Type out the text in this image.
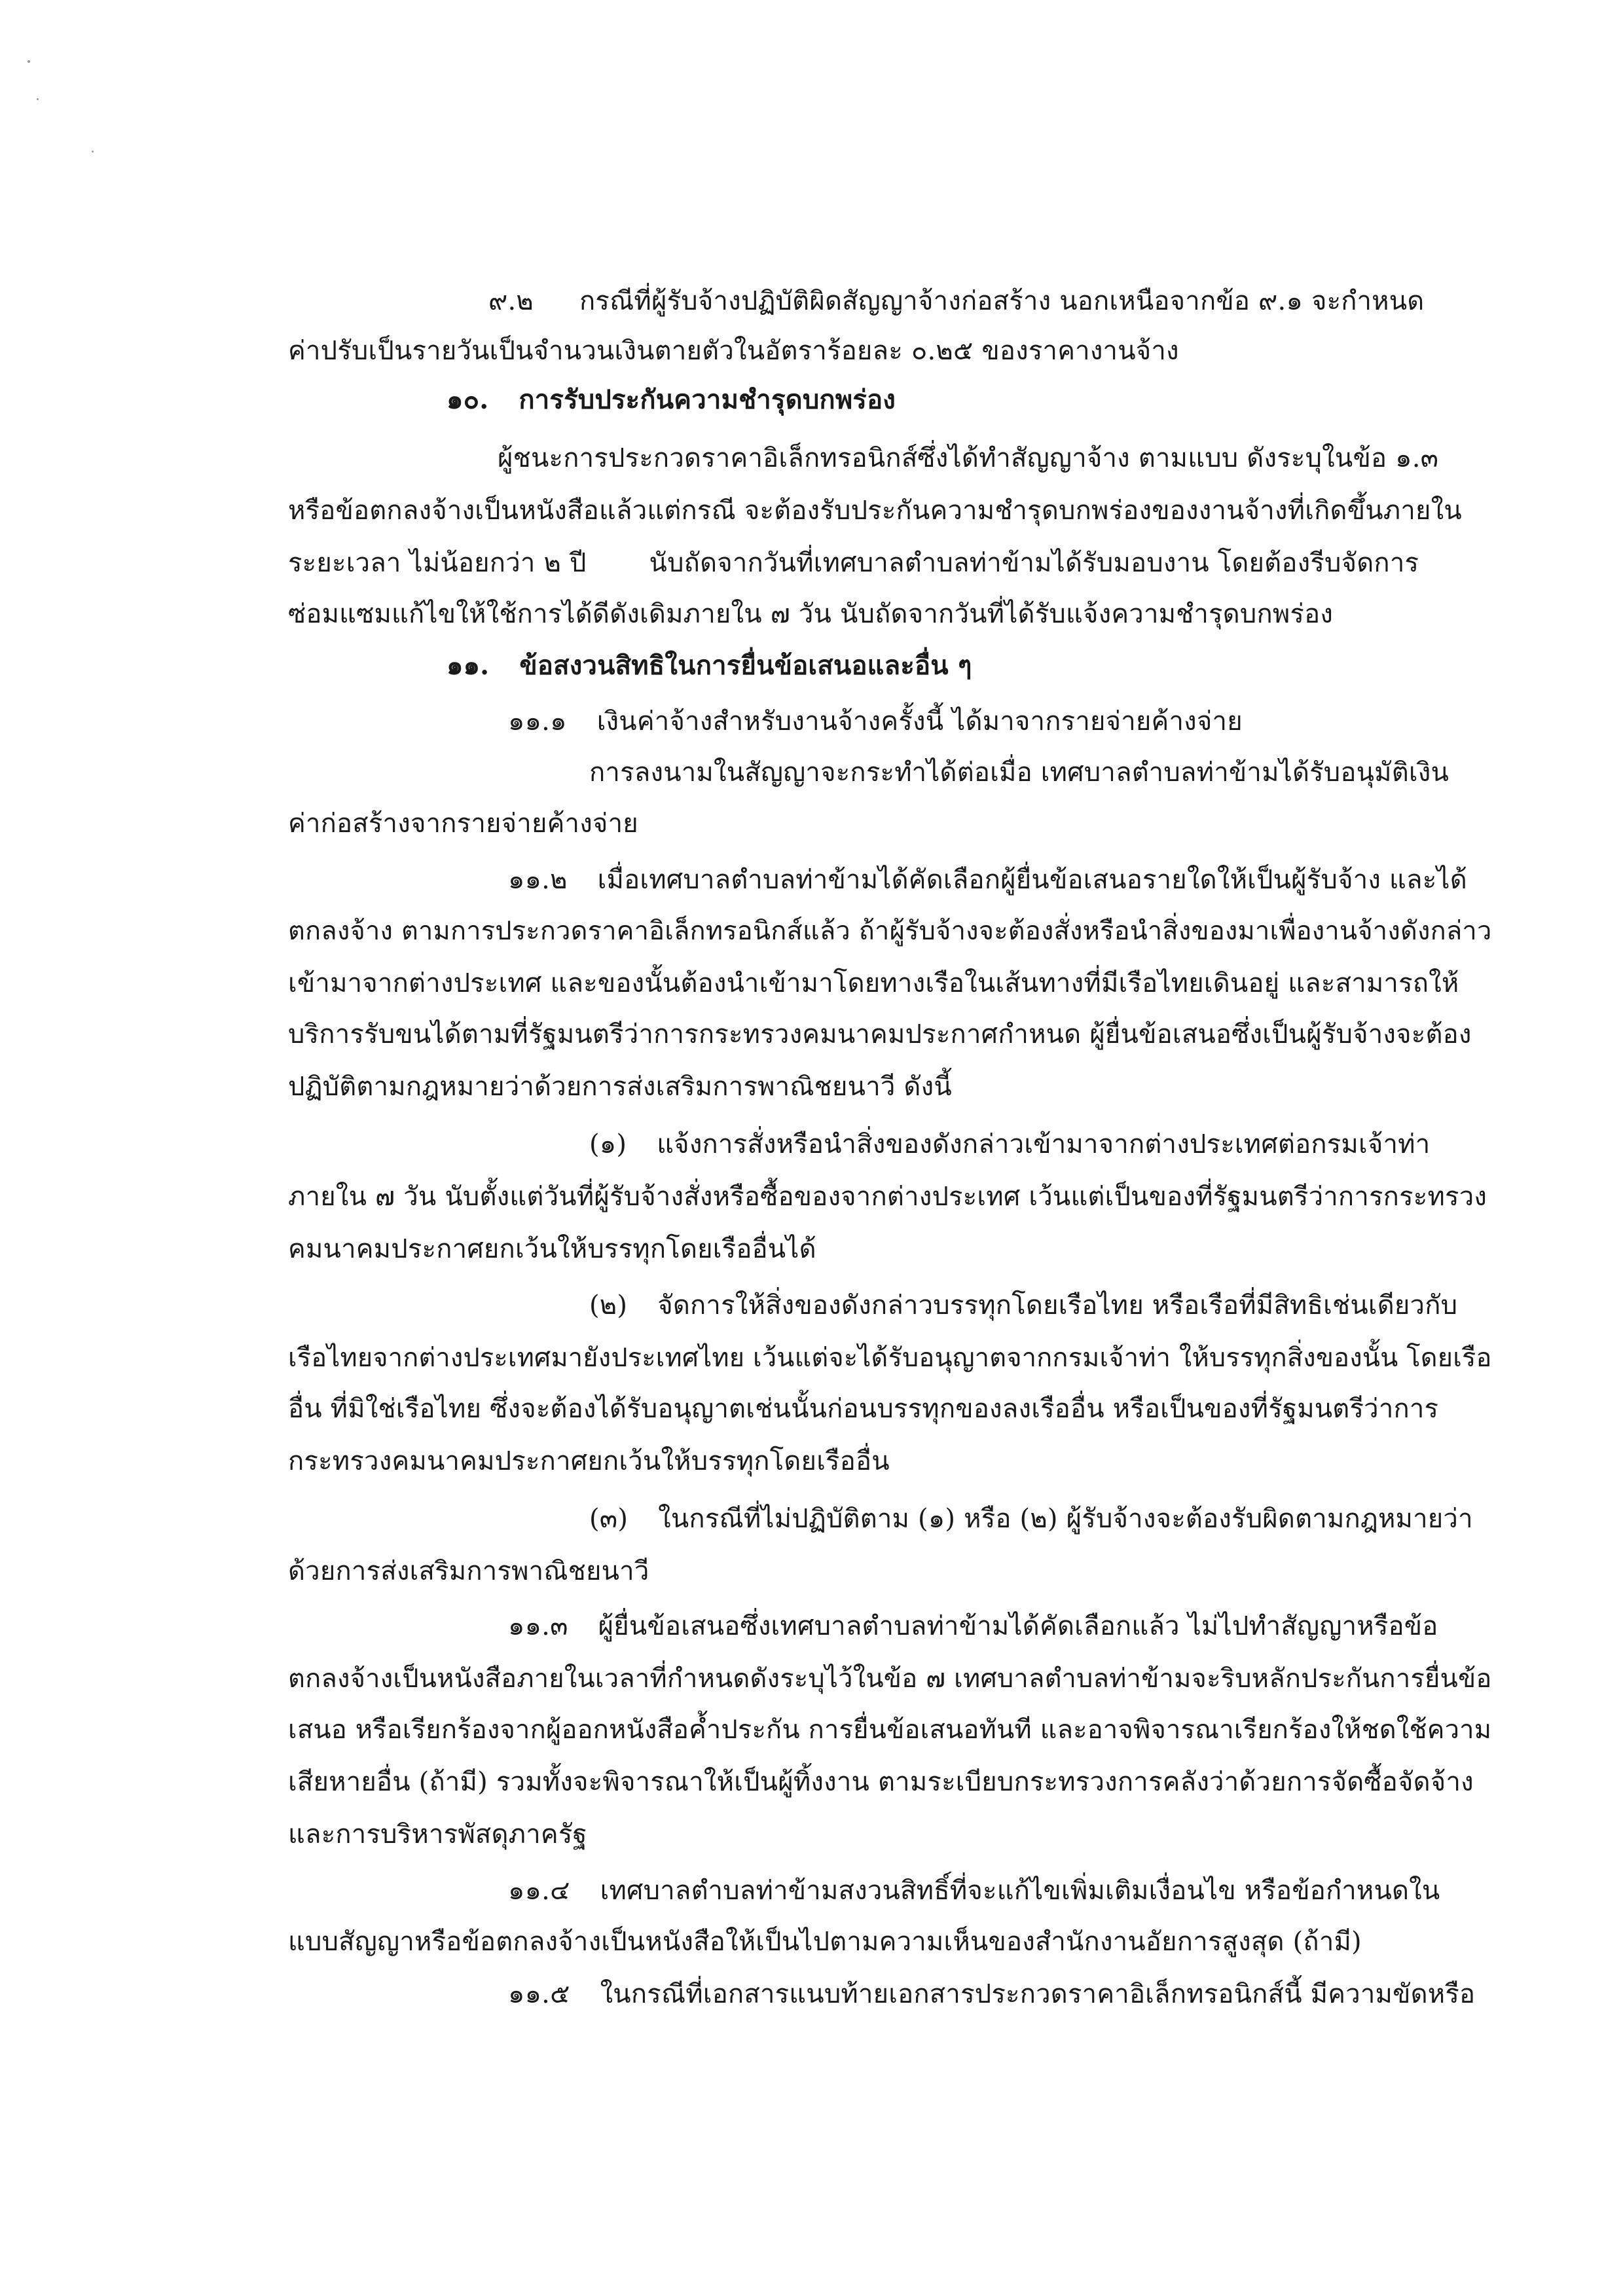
๙.๒ กรณีที่ผู้รับจ้างปฏิบัติผิดสัญญาจ้างก่อสร้าง นอกเหนือจากข้อ ๙.๑ จะกำหนด
ค่าปรับเป็นรายวันเป็นจำนวนเงินตายตัวในอัตราร้อยละ ๐.๒๕ ของราคางานจ้าง
๑๐. การรับประกันความชำรุดบกพร่อง
ผู้ชนะการประกวดราคาอิเล็กทรอนิกส์ซึ่งได้ทำสัญญาจ้าง ตามแบบ ดังระบุในข้อ ๑.๓
หรือข้อตกลงจ้างเป็นหนังสือแล้วแต่กรณี จะต้องรับประกันความชำรุดบกพร่องของงานจ้างที่เกิดขึ้นภายใน
ระยะเวลา ไม่น้อยกว่า ๒ ปี นับถัดจากวันที่เทศบาลตำบลท่าข้ามได้รับมอบงาน โดยต้องรีบจัดการ
ซ่อมแซมแก้ไขให้ใช้การได้ดีดังเดิมภายใน ๗ วัน นับถัดจากวันที่ได้รับแจ้งความชำรุดบกพร่อง
๑๑. ข้อสงวนสิทธิในการยื่นข้อเสนอและอื่น ๆ
๑๑.๑ เงินค่าจ้างสำหรับงานจ้างครั้งนี้ ได้มาจากรายจ่ายค้างจ่าย
การลงนามในสัญญาจะกระทำได้ต่อเมื่อ เทศบาลตำบลท่าข้ามได้รับอนุมัติเงิน
ค่าก่อสร้างจากรายจ่ายค้างจ่าย
๑๑.๒ เมื่อเทศบาลตำบลท่าข้ามได้คัดเลือกผู้ยื่นข้อเสนอรายใดให้เป็นผู้รับจ้าง และได้
ตกลงจ้าง ตามการประกวดราคาอิเล็กทรอนิกส์แล้ว ถ้าผู้รับจ้างจะต้องสั่งหรือนำสิ่งของมาเพื่องานจ้างดังกล่าว
เข้ามาจากต่างประเทศ และของนั้นต้องนำเข้ามาโดยทางเรือในเส้นทางที่มีเรือไทยเดินอยู่ และสามารถให้
บริการรับขนได้ตามที่รัฐมนตรีว่าการกระทรวงคมนาคมประกาศกำหนด ผู้ยื่นข้อเสนอซึ่งเป็นผู้รับจ้างจะต้อง
ปฏิบัติตามกฎหมายว่าด้วยการส่งเสริมการพาณิชยนาวี ดังนี้
(๑) แจ้งการสั่งหรือนำสิ่งของดังกล่าวเข้ามาจากต่างประเทศต่อกรมเจ้าท่า
ภายใน ๗ วัน นับตั้งแต่วันที่ผู้รับจ้างสั่งหรือซื้อของจากต่างประเทศ เว้นแต่เป็นของที่รัฐมนตรีว่าการกระทรวง
คมนาคมประกาศยกเว้นให้บรรทุกโดยเรืออื่นได้
(๒) จัดการให้สิ่งของดังกล่าวบรรทุกโดยเรือไทย หรือเรือที่มีสิทธิเช่นเดียวกับ
เรือไทยจากต่างประเทศมายังประเทศไทย เว้นแต่จะได้รับอนุญาตจากกรมเจ้าท่า ให้บรรทุกสิ่งของนั้น โดยเรือ
อื่น ที่มิใช่เรือไทย ซึ่งจะต้องได้รับอนุญาตเช่นนั้นก่อนบรรทุกของลงเรืออื่น หรือเป็นของที่รัฐมนตรีว่าการ
กระทรวงคมนาคมประกาศยกเว้นให้บรรทุกโดยเรืออื่น
(๓) ในกรณีที่ไม่ปฏิบัติตาม (๑) หรือ (๒) ผู้รับจ้างจะต้องรับผิดตามกฎหมายว่า
ด้วยการส่งเสริมการพาณิชยนาวี
๑๑.๓ ผู้ยื่นข้อเสนอซึ่งเทศบาลตำบลท่าข้ามได้คัดเลือกแล้ว ไม่ไปทำสัญญาหรือข้อ
ตกลงจ้างเป็นหนังสือภายในเวลาที่กำหนดดังระบุไว้ในข้อ ๗ เทศบาลตำบลท่าข้ามจะริบหลักประกันการยื่นข้อ
เสนอ หรือเรียกร้องจากผู้ออกหนังสือค้ำประกัน การยื่นข้อเสนอทันที และอาจพิจารณาเรียกร้องให้ชดใช้ความ
เสียหายอื่น (ถ้ามี) รวมทั้งจะพิจารณาให้เป็นผู้ทิ้งงาน ตามระเบียบกระทรวงการคลังว่าด้วยการจัดซื้อจัดจ้าง
และการบริหารพัสดุภาครัฐ
๑๑.๔ เทศบาลตำบลท่าข้ามสงวนสิทธิ์ที่จะแก้ไขเพิ่มเติมเงื่อนไข หรือข้อกำหนดใน
แบบสัญญาหรือข้อตกลงจ้างเป็นหนังสือให้เป็นไปตามความเห็นของสำนักงานอัยการสูงสุด (ถ้ามี)
๑๑.๕ ในกรณีที่เอกสารแนบท้ายเอกสารประกวดราคาอิเล็กทรอนิกส์นี้ มีความขัดหรือ
